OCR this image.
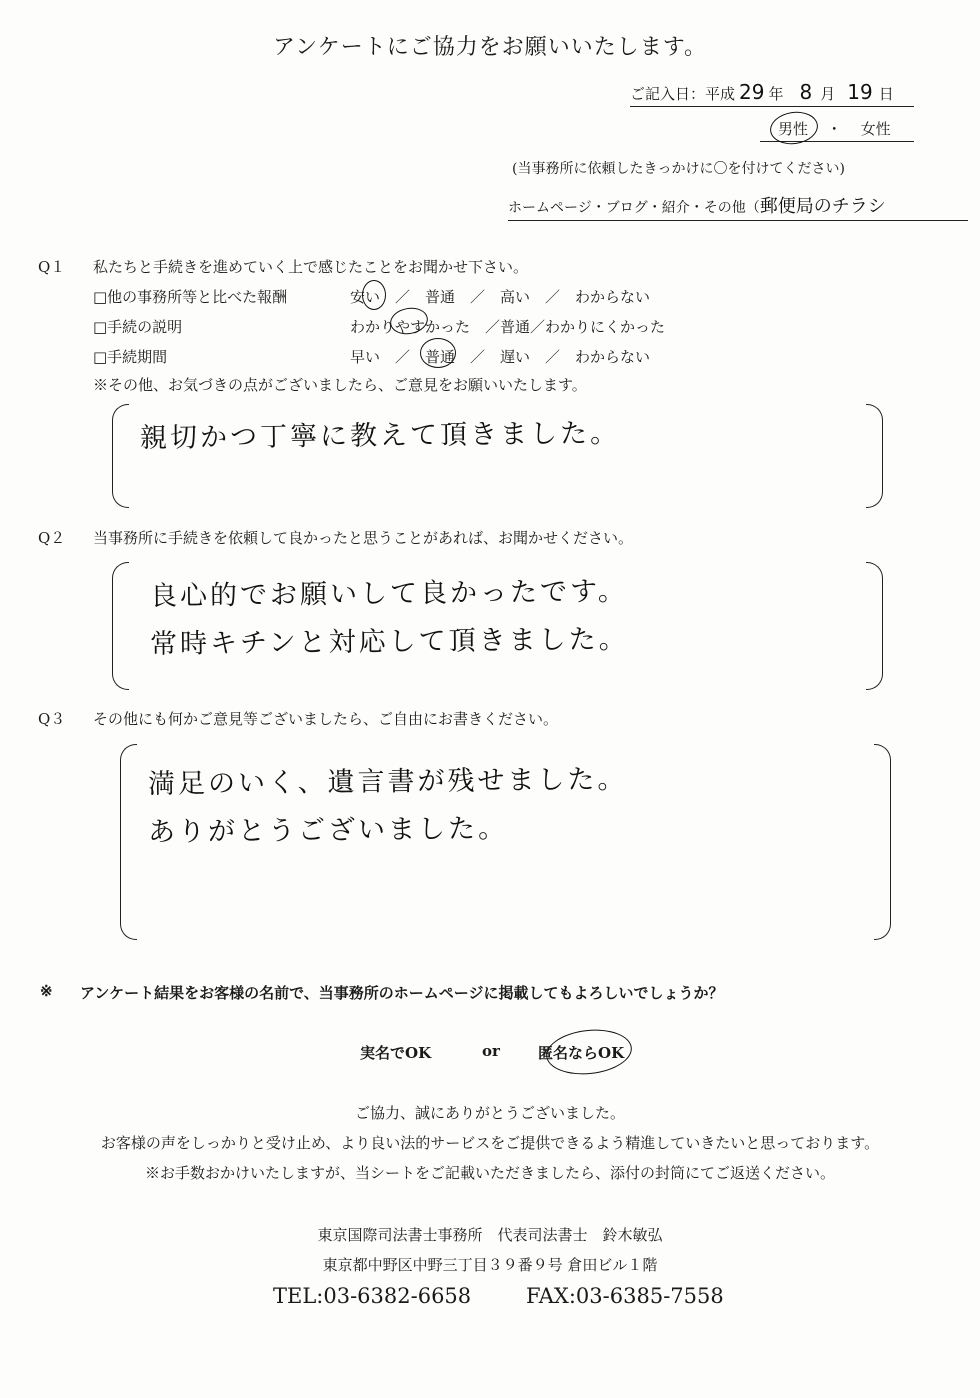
アンケートにご協力をお願いいたします。
ご記入日：平成 29 年 8 月 19 日
男性 ・ 女性
(当事務所に依頼したきっかけに〇を付けてください)
ホームページ・ブログ・紹介・その他（郵便局のチラシ
Q１ 私たちと手続きを進めていく上で感じたことをお聞かせ下さい。
□他の事務所等と比べた報酬	安い　／　普通　／　高い　／　わからない
□手続の説明	わかりやすかった　／普通／わかりにくかった
□手続期間	早い　／　普通　／　遅い　／　わからない
※その他、お気づきの点がございましたら、ご意見をお願いいたします。
親切かつ丁寧に教えて頂きました。
Q２ 当事務所に手続きを依頼して良かったと思うことがあれば、お聞かせください。
良心的でお願いして良かったです。
常時キチンと対応して頂きました。
Q３ その他にも何かご意見等ございましたら、ご自由にお書きください。
満足のいく、遺言書が残せました。
ありがとうございました。
※ アンケート結果をお客様の名前で、当事務所のホームページに掲載してもよろしいでしょうか？
実名でOK	or	匿名ならOK
ご協力、誠にありがとうございました。
お客様の声をしっかりと受け止め、より良い法的サービスをご提供できるよう精進していきたいと思っております。
※お手数おかけいたしますが、当シートをご記載いただきましたら、添付の封筒にてご返送ください。
東京国際司法書士事務所　代表司法書士　鈴木敏弘
東京都中野区中野三丁目３９番９号 倉田ビル１階
TEL:03-6382-6658	FAX:03-6385-7558
